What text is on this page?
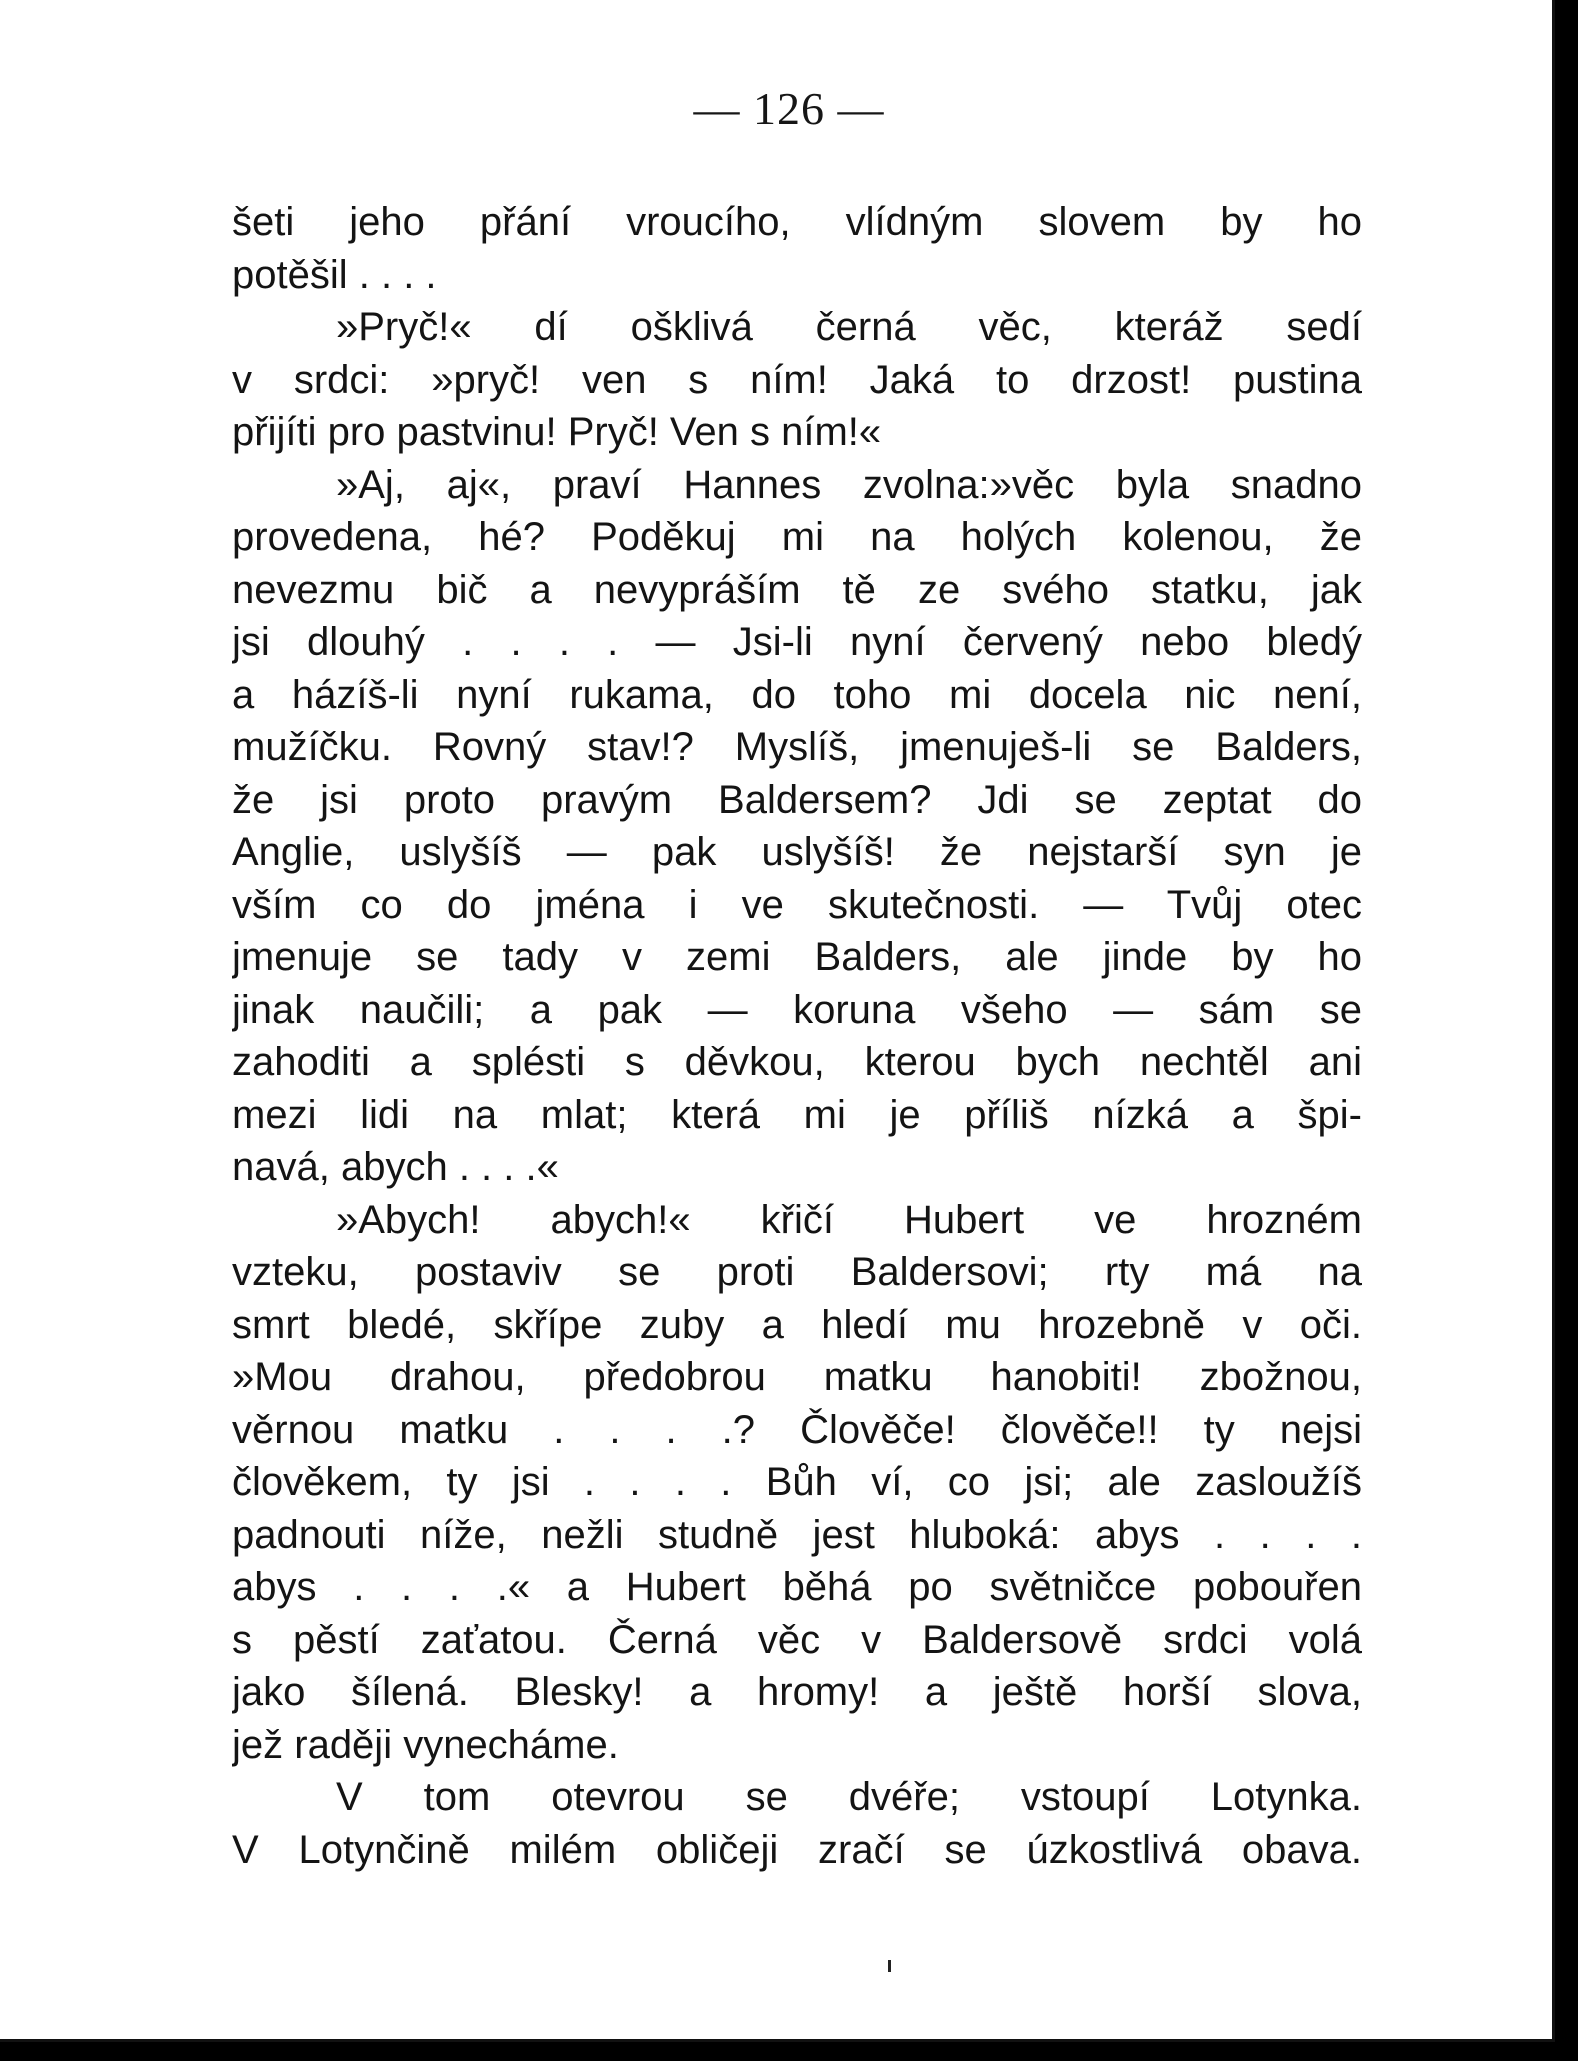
— 126 —
šeti jeho přání vroucího, vlídným slovem by ho
potěšil . . . .
»Pryč!« dí ošklivá černá věc, kteráž sedí
v srdci: »pryč! ven s ním! Jaká to drzost! pustina
přijíti pro pastvinu! Pryč! Ven s ním!«
»Aj, aj«, praví Hannes zvolna:»věc byla snadno
provedena, hé? Poděkuj mi na holých kolenou, že
nevezmu bič a nevypráším tě ze svého statku, jak
jsi dlouhý . . . . — Jsi-li nyní červený nebo bledý
a házíš-li nyní rukama, do toho mi docela nic není,
mužíčku. Rovný stav!? Myslíš, jmenuješ-li se Balders,
že jsi proto pravým Baldersem? Jdi se zeptat do
Anglie, uslyšíš — pak uslyšíš! že nejstarší syn je
vším co do jména i ve skutečnosti. — Tvůj otec
jmenuje se tady v zemi Balders, ale jinde by ho
jinak naučili; a pak — koruna všeho — sám se
zahoditi a splésti s děvkou, kterou bych nechtěl ani
mezi lidi na mlat; která mi je příliš nízká a špi-
navá, abych . . . .«
»Abych! abych!« křičí Hubert ve hrozném
vzteku, postaviv se proti Baldersovi; rty má na
smrt bledé, skřípe zuby a hledí mu hrozebně v oči.
»Mou drahou, předobrou matku hanobiti! zbožnou,
věrnou matku . . . .? Člověče! člověče!! ty nejsi
člověkem, ty jsi . . . . Bůh ví, co jsi; ale zasloužíš
padnouti níže, nežli studně jest hluboká: abys . . . .
abys . . . .« a Hubert běhá po světničce pobouřen
s pěstí zaťatou. Černá věc v Baldersově srdci volá
jako šílená. Blesky! a hromy! a ještě horší slova,
jež raději vynecháme.
V tom otevrou se dvéře; vstoupí Lotynka.
V Lotynčině milém obličeji zračí se úzkostlivá obava.
